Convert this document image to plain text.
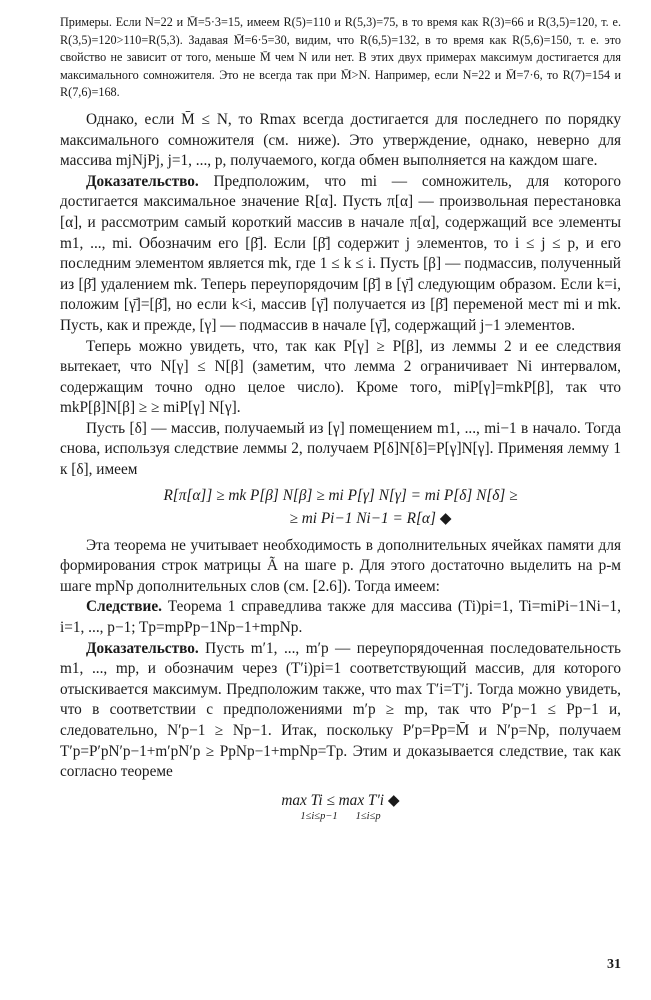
Примеры. Если N=22 и M̄=5·3=15, имеем R(5)=110 и R(5,3)=75, в то время как R(3)=66 и R(3,5)=120, т. е. R(3,5)=120>110=R(5,3). Задавая M̄=6·5=30, видим, что R(6,5)=132, в то время как R(5,6)=150, т. е. это свойство не зависит от того, меньше M̄ чем N или нет. В этих двух примерах максимум достигается для максимального сомножителя. Это не всегда так при M̄>N. Например, если N=22 и M̄=7·6, то R(7)=154 и R(7,6)=168.

Однако, если M̄ ≤ N, то Rmax всегда достигается для последнего по порядку максимального сомножителя (см. ниже). Это утверждение, однако, неверно для массива mjNjPj, j=1, ..., p, получаемого, когда обмен выполняется на каждом шаге.

Доказательство. Предположим, что mi — сомножитель, для которого достигается максимальное значение R[α]. Пусть π[α] — произвольная перестановка [α], и рассмотрим самый короткий массив в начале π[α], содержащий все элементы m1, ..., mi. Обозначим его [β̄]. Если [β̄] содержит j элементов, то i ≤ j ≤ p, и его последним элементом является mk, где 1 ≤ k ≤ i. Пусть [β] — подмассив, полученный из [β̄] удалением mk. Теперь переупорядочим [β̄] в [γ̄] следующим образом. Если k=i, положим [γ̄]=[β̄], но если k<i, массив [γ̄] получается из [β̄] переменой мест mi и mk. Пусть, как и прежде, [γ] — подмассив в начале [γ̄], содержащий j−1 элементов.

Теперь можно увидеть, что, так как P[γ] ≥ P[β], из леммы 2 и ее следствия вытекает, что N[γ] ≤ N[β] (заметим, что лемма 2 ограничивает Ni интервалом, содержащим точно одно целое число). Кроме того, miP[γ]=mkP[β], так что mkP[β]N[β] ≥ ≥ miP[γ] N[γ].

Пусть [δ] — массив, получаемый из [γ] помещением m1, ..., mi−1 в начало. Тогда снова, используя следствие леммы 2, получаем P[δ]N[δ]=P[γ]N[γ]. Применяя лемму 1 к [δ], имеем

R[π[α]] ≥ mk P[β] N[β] ≥ mi P[γ] N[γ] = mi P[δ] N[δ] ≥
≥ mi Pi−1 Ni−1 = R[α] ◆

Эта теорема не учитывает необходимость в дополнительных ячейках памяти для формирования строк матрицы Ã на шаге p. Для этого достаточно выделить на p-м шаге mpNp дополнительных слов (см. [2.6]). Тогда имеем:

Следствие. Теорема 1 справедлива также для массива (Ti)pi=1, Ti=miPi−1Ni−1, i=1, ..., p−1; Tp=mpPp−1Np−1+mpNp.

Доказательство. Пусть m′1, ..., m′p — переупорядоченная последовательность m1, ..., mp, и обозначим через (T′i)pi=1 соответствующий массив, для которого отыскивается максимум. Предположим также, что max T′i=T′j. Тогда можно увидеть, что в соответствии с предположениями m′p ≥ mp, так что P′p−1 ≤ Pp−1 и, следовательно, N′p−1 ≥ Np−1. Итак, поскольку P′p=Pp=M̄ и N′p=Np, получаем T′p=P′pN′p−1+m′pN′p ≥ PpNp−1+mpNp=Tp. Этим и доказывается следствие, так как согласно теореме

max Ti ≤ max T′i ◆
1≤i≤p−1 1≤i≤p
31
